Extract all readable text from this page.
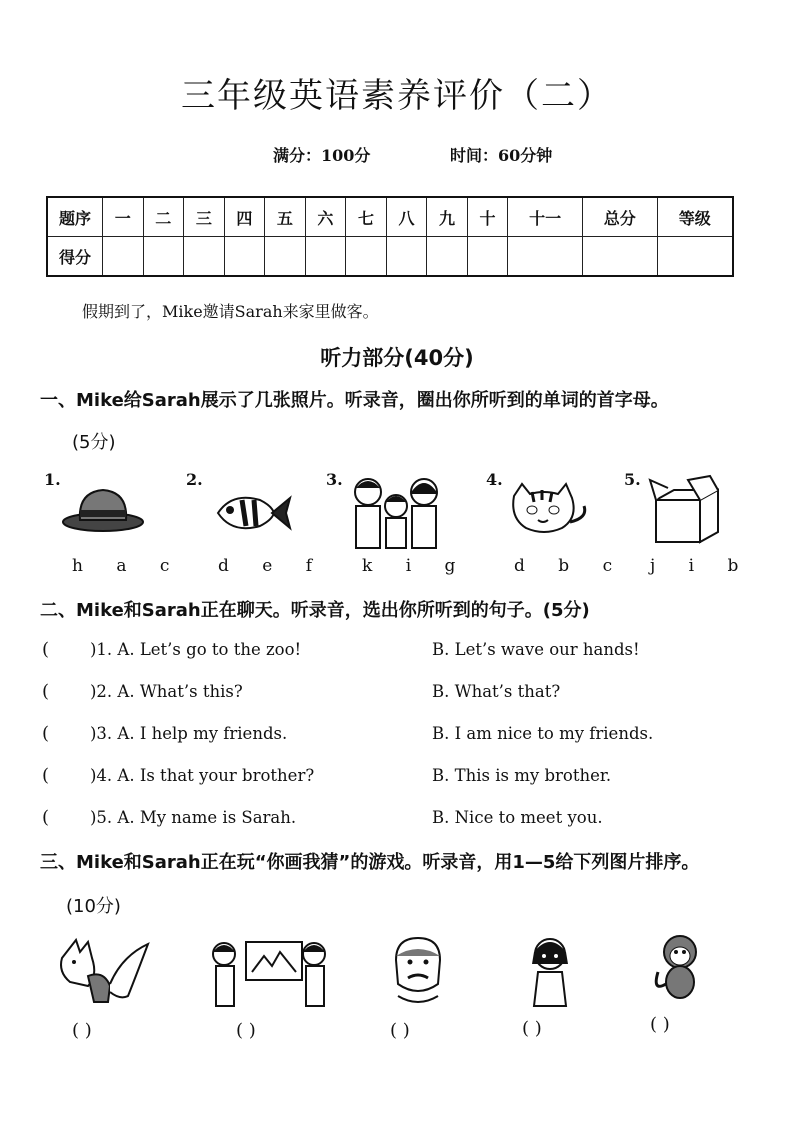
三年级英语素养评价（二）
满分：100分	时间：60分钟
题序	一	二	三	四	五	六	七	八	九	十	十一	总分	等级
得分													
假期到了，Mike邀请Sarah来家里做客。
听力部分(40分)
一、Mike给Sarah展示了几张照片。听录音，圈出你所听到的单词的首字母。
(5分)
1.	2.	3.	4.	5.
h a c d e f k i g	d b c j i b
二、Mike和Sarah正在聊天。听录音，选出你所听到的句子。(5分)
( )1. A. Let’s go to the zoo!	B. Let’s wave our hands!
( )2. A. What’s this?	B. What’s that?
( )3. A. I help my friends.	B. I am nice to my friends.
( )4. A. Is that your brother?	B. This is my brother.
( )5. A. My name is Sarah.	B. Nice to meet you.
三、Mike和Sarah正在玩“你画我猜”的游戏。听录音，用1—5给下列图片排序。
(10分)
( )	( )	( )	( )	( )
